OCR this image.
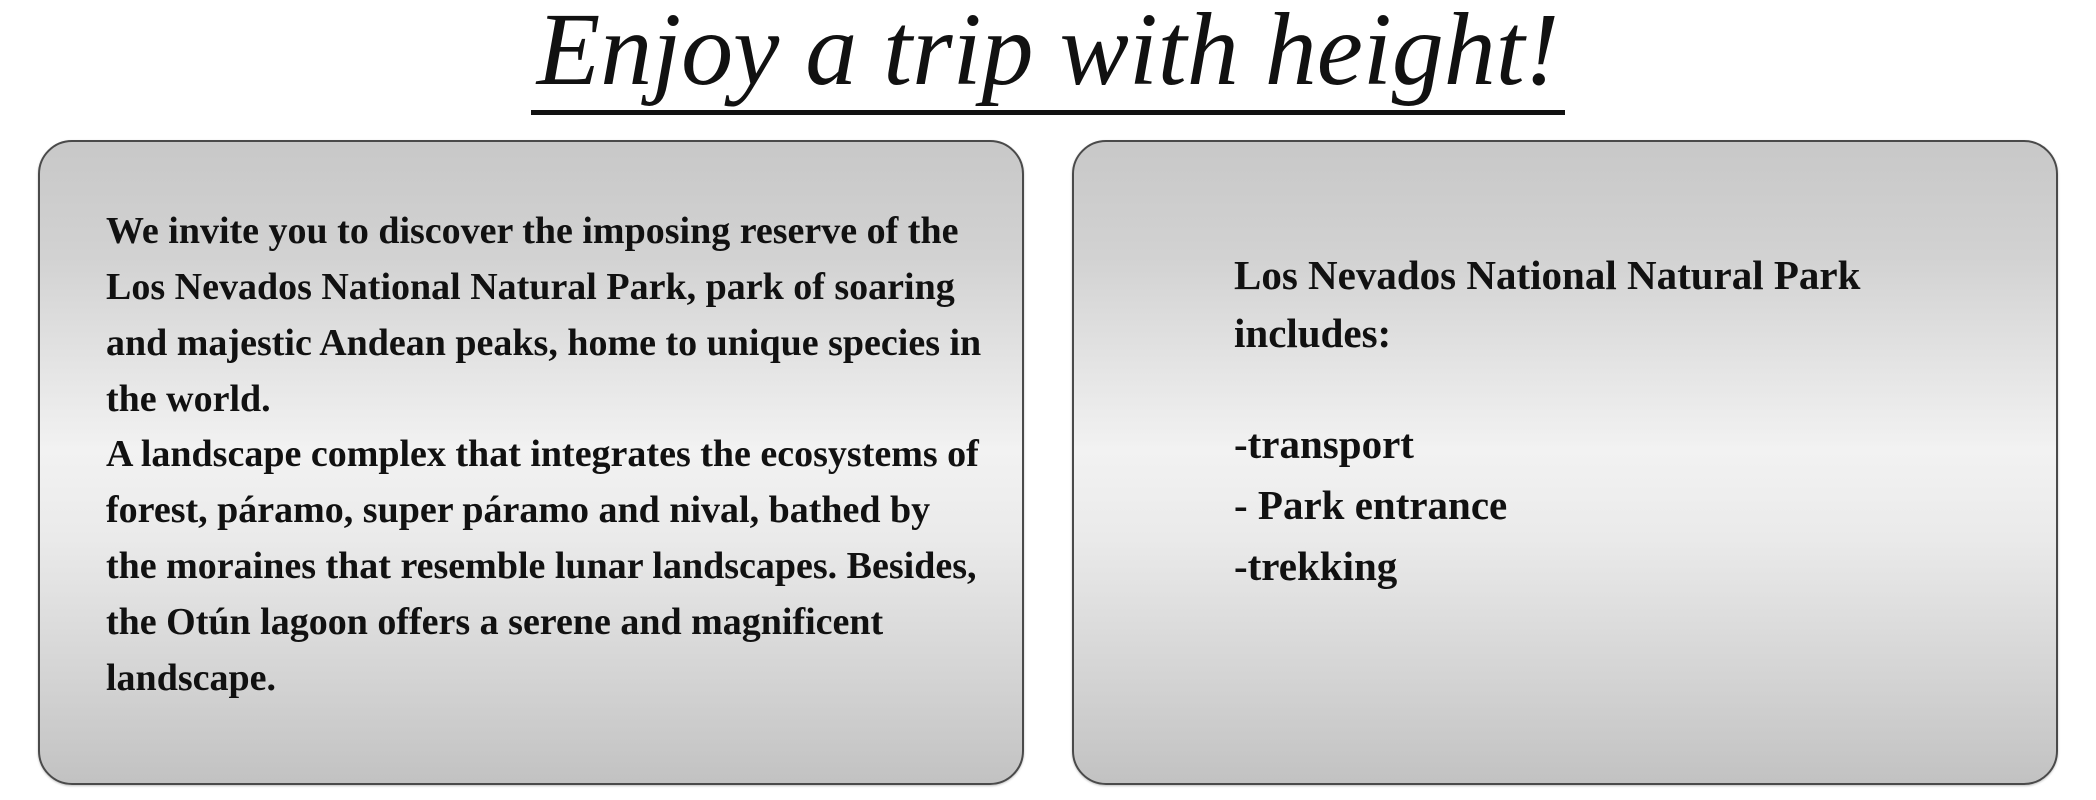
Enjoy a trip with height!

We invite you to discover the imposing reserve of the Los Nevados National Natural Park, park of soaring and majestic Andean peaks, home to unique species in the world.

A landscape complex that integrates the ecosystems of forest, páramo, super páramo and nival, bathed by the moraines that resemble lunar landscapes. Besides, the Otún lagoon offers a serene and magnificent landscape.

Los Nevados National Natural Park includes:

-transport
- Park entrance
-trekking
